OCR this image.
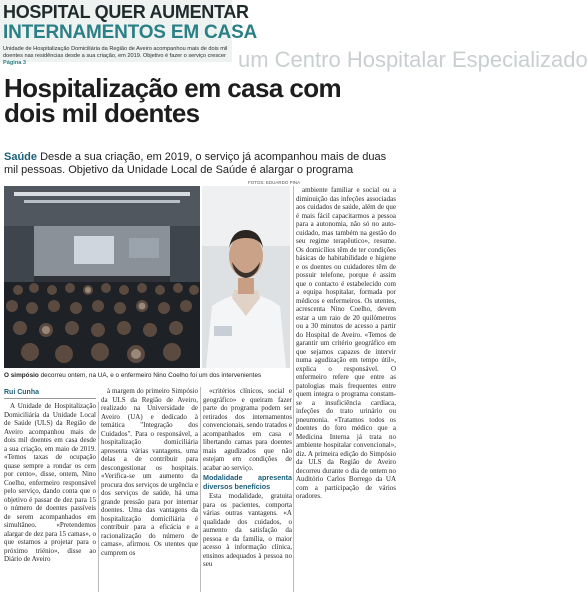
HOSPITAL QUER AUMENTAR
INTERNAMENTOS EM CASA
Unidade de Hospitalização Domiciliária da Região de Aveiro acompanhou mais de dois mil doentes nas residências desde a sua criação, em 2019. Objetivo é fazer o serviço crescer Página 3	um Centro Hospitalar Especializado
Hospitalização em casa com dois mil doentes
Saúde Desde a sua criação, em 2019, o serviço já acompanhou mais de duas mil pessoas. Objetivo da Unidade Local de Saúde é alargar o programa
FOTOS: EDUARDO PINA
O simpósio decorreu ontem, na UA, e o enfermeiro Nino Coelho foi um dos intervenientes
Rui Cunha

A Unidade de Hospitalização Domiciliária da Unidade Local de Saúde (ULS) da Região de Aveiro acompanhou mais de dois mil doentes em casa desde a sua criação, em maio de 2019. «Temos taxas de ocupação quase sempre a rondar os cem por cento», disse, ontem, Nino Coelho, enfermeiro responsável pelo serviço, dando conta que o objetivo é passar de dez para 15 o número de doentes passíveis de serem acompanhados em simultâneo. «Pretendemos alargar de dez para 15 camas», o que estamos a projetar para o próximo triénio», disse ao Diário de Aveiro

à margem do primeiro Simpósio da ULS da Região de Aveiro, realizado na Universidade de Aveiro (UA) e dedicado à temática "Integração dos Cuidados". Para o responsável, a hospitalização domiciliária apresenta várias vantagens, uma delas a de contribuir para descongestionar os hospitais. «Verifica-se um aumento da procura dos serviços de urgência e dos serviços de saúde, há uma grande pressão para por internar doentes. Uma das vantagens da hospitalização domiciliária é contribuir para a eficácia e a racionalização do número de camas», afirmou. Os utentes que cumprem os

«critérios clínicos, social e geográfico» e queiram fazer parte do programa podem ser retirados dos internamentos convencionais, sendo tratados e acompanhados em casa e libertando camas para doentes mais agudizados que não estejam em condições de acabar ao serviço.

Modalidade apresenta diversos benefícios

Esta modalidade, gratuita para os pacientes, comporta várias outras vantagens. «A qualidade dos cuidados, o aumento da satisfação da pessoa e da família, o maior acesso à informação clínica, ensinos adequados à pessoa no seu

ambiente familiar e social ou a diminuição das infeções associadas aos cuidados de saúde, além de que é mais fácil capacitarmos a pessoa para a autonomia, não só no auto-cuidado, mas também na gestão do seu regime terapêutico», resume. Os domicílios têm de ter condições básicas de habitabilidade e higiene e os doentes ou cuidadores têm de possuir telefone, porque é assim que o contacto é estabelecido com a equipa hospitalar, formada por médicos e enfermeiros. Os utentes, acrescenta Nino Coelho, devem estar a um raio de 20 quilómetros ou a 30 minutos de acesso a partir do Hospital de Aveiro. «Temos de garantir um critério geográfico em que sejamos capazes de intervir numa agudização em tempo útil», explica o responsável. O enfermeiro refere que entre as patologias mais frequentes entre quem integra o programa constam-se a insuficiência cardíaca, infeções do trato urinário ou pneumonia. «Tratamos todos os doentes do foro médico que a Medicina Interna já trata no ambiente hospitalar convencional», diz. A primeira edição do Simpósio da ULS da Região de Aveiro decorreu durante o dia de ontem no Auditório Carlos Borrego da UA com a participação de vários oradores.
